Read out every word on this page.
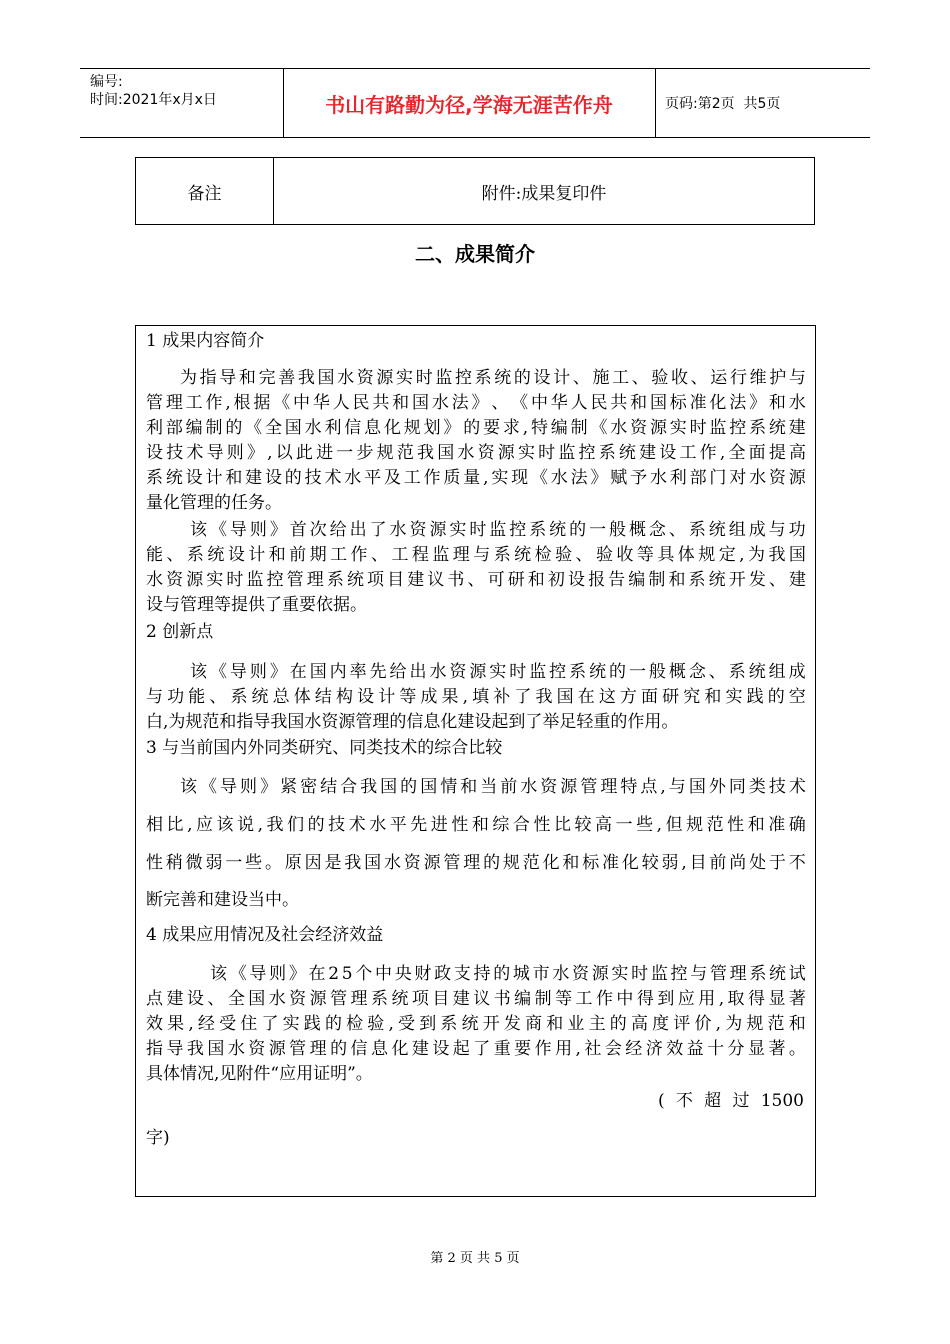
编号:
时间:2021年x月x日	书山有路勤为径,学海无涯苦作舟	页码:第2页  共5页
备注	附件:成果复印件
二、成果简介
1 成果内容简介
为 指 导 和 完 善 我 国 水 资 源 实 时 监 控 系 统 的 设 计 、 施 工 、 验 收 、 运 行 维 护 与
管 理 工 作 , 根 据 《 中 华 人 民 共 和 国 水 法 》 、 《 中 华 人 民 共 和 国 标 准 化 法 》 和 水
利 部 编 制 的 《 全 国 水 利 信 息 化 规 划 》 的 要 求 , 特 编 制 《 水 资 源 实 时 监 控 系 统 建
设 技 术 导 则 》 , 以 此 进 一 步 规 范 我 国 水 资 源 实 时 监 控 系 统 建 设 工 作 , 全 面 提 高
系 统 设 计 和 建 设 的 技 术 水 平 及 工 作 质 量 , 实 现 《 水 法 》 赋 予 水 利 部 门 对 水 资 源
量化管理的任务。
该 《 导 则 》 首 次 给 出 了 水 资 源 实 时 监 控 系 统 的 一 般 概 念 、 系 统 组 成 与 功
能 、 系 统 设 计 和 前 期 工 作 、 工 程 监 理 与 系 统 检 验 、 验 收 等 具 体 规 定 , 为 我 国
水 资 源 实 时 监 控 管 理 系 统 项 目 建 议 书 、 可 研 和 初 设 报 告 编 制 和 系 统 开 发 、 建
设与管理等提供了重要依据。
2 创新点
该 《 导 则 》 在 国 内 率 先 给 出 水 资 源 实 时 监 控 系 统 的 一 般 概 念 、 系 统 组 成
与 功 能 、 系 统 总 体 结 构 设 计 等 成 果 , 填 补 了 我 国 在 这 方 面 研 究 和 实 践 的 空
白,为规范和指导我国水资源管理的信息化建设起到了举足轻重的作用。
3 与当前国内外同类研究、同类技术的综合比较
该 《 导 则 》 紧 密 结 合 我 国 的 国 情 和 当 前 水 资 源 管 理 特 点 , 与 国 外 同 类 技 术
相 比 , 应 该 说 , 我 们 的 技 术 水 平 先 进 性 和 综 合 性 比 较 高 一 些 , 但 规 范 性 和 准 确
性 稍 微 弱 一 些 。 原 因 是 我 国 水 资 源 管 理 的 规 范 化 和 标 准 化 较 弱 , 目 前 尚 处 于 不
断完善和建设当中。
4 成果应用情况及社会经济效益
该 《 导 则 》 在 2 5 个 中 央 财 政 支 持 的 城 市 水 资 源 实 时 监 控 与 管 理 系 统 试
点 建 设 、 全 国 水 资 源 管 理 系 统 项 目 建 议 书 编 制 等 工 作 中 得 到 应 用 , 取 得 显 著
效 果 , 经 受 住 了 实 践 的 检 验 , 受 到 系 统 开 发 商 和 业 主 的 高 度 评 价 , 为 规 范 和
指 导 我 国 水 资 源 管 理 的 信 息 化 建 设 起 了 重 要 作 用 , 社 会 经 济 效 益 十 分 显 著 。
具体情况,见附件“应用证明”。
( 不 超 过 1500
字)
第 2 页 共 5 页
